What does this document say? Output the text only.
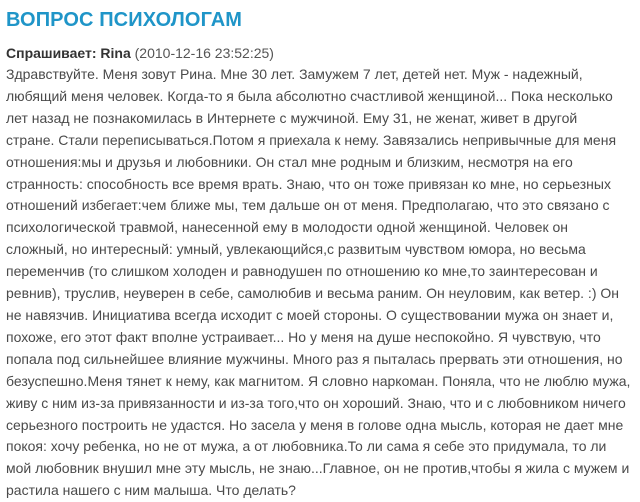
ВОПРОС ПСИХОЛОГАМ
Спрашивает: Rina (2010-12-16 23:52:25)
Здравствуйте. Меня зовут Рина. Мне 30 лет. Замужем 7 лет, детей нет. Муж - надежный,
любящий меня человек. Когда-то я была абсолютно счастливой женщиной... Пока несколько
лет назад не познакомилась в Интернете с мужчиной. Ему 31, не женат, живет в другой
стране. Стали переписываться.Потом я приехала к нему. Завязались непривычные для меня
отношения:мы и друзья и любовники. Он стал мне родным и близким, несмотря на его
странность: способность все время врать. Знаю, что он тоже привязан ко мне, но серьезных
отношений избегает:чем ближе мы, тем дальше он от меня. Предполагаю, что это связано с
психологической травмой, нанесенной ему в молодости одной женщиной. Человек он
сложный, но интересный: умный, увлекающийся,с развитым чувством юмора, но весьма
переменчив (то слишком холоден и равнодушен по отношению ко мне,то заинтересован и
ревнив), труслив, неуверен в себе, самолюбив и весьма раним. Он неуловим, как ветер. :) Он
не навязчив. Инициатива всегда исходит с моей стороны. О существовании мужа он знает и,
похоже, его этот факт вполне устраивает... Но у меня на душе неспокойно. Я чувствую, что
попала под сильнейшее влияние мужчины. Много раз я пыталась прервать эти отношения, но
безуспешно.Меня тянет к нему, как магнитом. Я словно наркоман. Поняла, что не люблю мужа,
живу с ним из-за привязанности и из-за того,что он хороший. Знаю, что и с любовником ничего
серьезного построить не удастся. Но засела у меня в голове одна мысль, которая не дает мне
покоя: хочу ребенка, но не от мужа, а от любовника.То ли сама я себе это придумала, то ли
мой любовник внушил мне эту мысль, не знаю...Главное, он не против,чтобы я жила с мужем и
растила нашего с ним малыша. Что делать?
